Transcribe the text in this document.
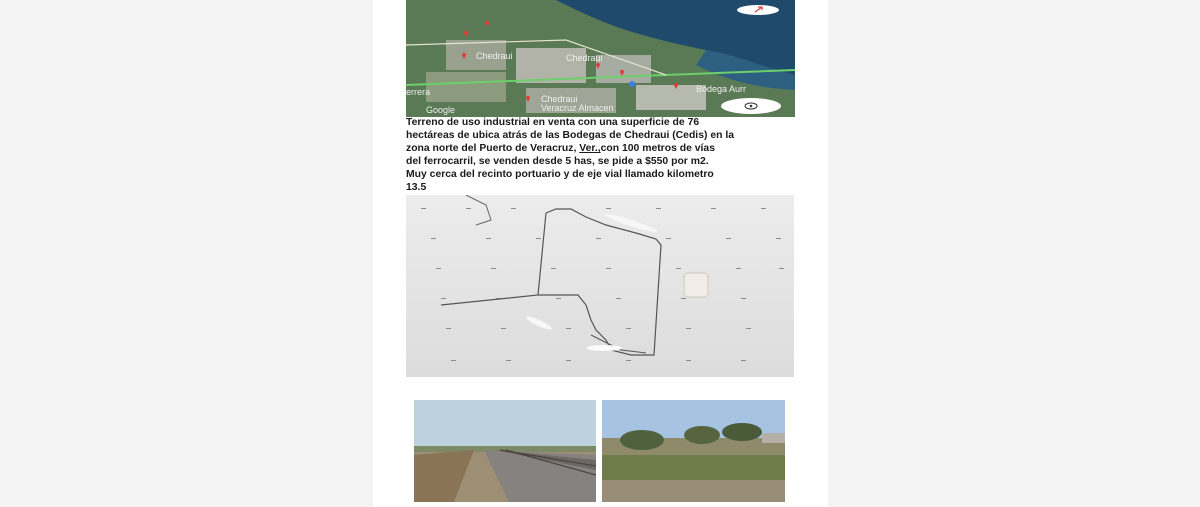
Chedraui	Chedraui
Bodega Aurr
Chedraui
Veracruz Almacen
Google
errera

Terreno de uso industrial en venta con una superficie de 76
hectáreas de ubica atrás de las Bodegas de Chedraui (Cedis) en la
zona norte del Puerto de Veracruz, Ver.,con 100 metros de vías
del ferrocarril, se venden desde 5 has, se pide a $550 por m2.
Muy cerca del recinto portuario y de eje vial llamado kilometro
13.5
